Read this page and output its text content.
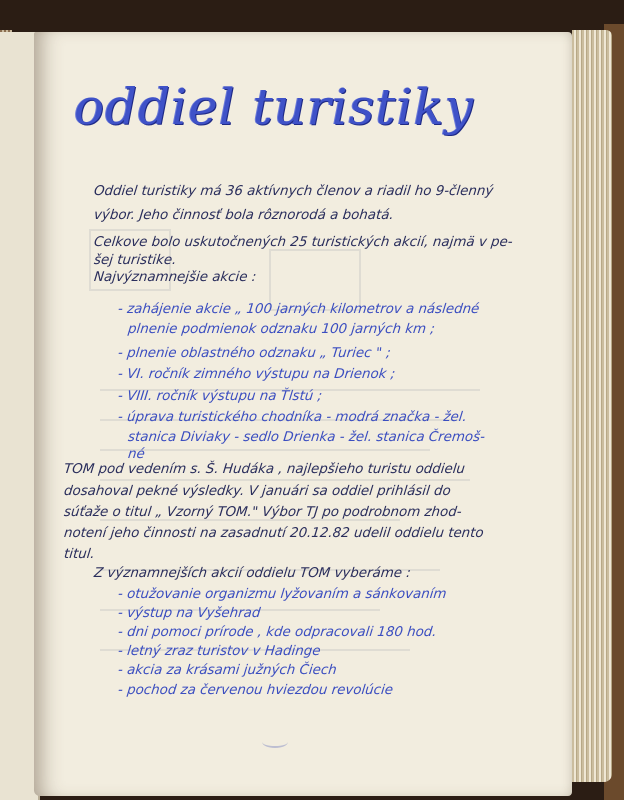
oddiel turistiky
Oddiel turistiky má 36 aktívnych členov a riadil ho 9-členný
výbor. Jeho činnosť bola rôznorodá a bohatá.
Celkove bolo uskutočnených 25 turistických akcií, najmä v pe-
šej turistike.
Najvýznamnejšie akcie :
- zahájenie akcie „ 100 jarných kilometrov a následné
plnenie podmienok odznaku 100 jarných km ;
- plnenie oblastného odznaku „ Turiec " ;
- VI. ročník zimného výstupu na Drienok ;
- VIII. ročník výstupu na Ťlstú ;
- úprava turistického chodníka - modrá značka - žel.
stanica Diviaky - sedlo Drienka - žel. stanica Čremoš-
né
TOM pod vedením s. Š. Hudáka , najlepšieho turistu oddielu
dosahoval pekné výsledky. V januári sa oddiel prihlásil do
súťaže o titul „ Vzorný TOM." Výbor TJ po podrobnom zhod-
notení jeho činnosti na zasadnutí 20.12.82 udelil oddielu tento
titul.
Z významnejších akcií oddielu TOM vyberáme :
- otužovanie organizmu lyžovaním a sánkovaním
- výstup na Vyšehrad
- dni pomoci prírode , kde odpracovali 180 hod.
- letný zraz turistov v Hadinge
- akcia za krásami južných Čiech
- pochod za červenou hviezdou revolúcie
